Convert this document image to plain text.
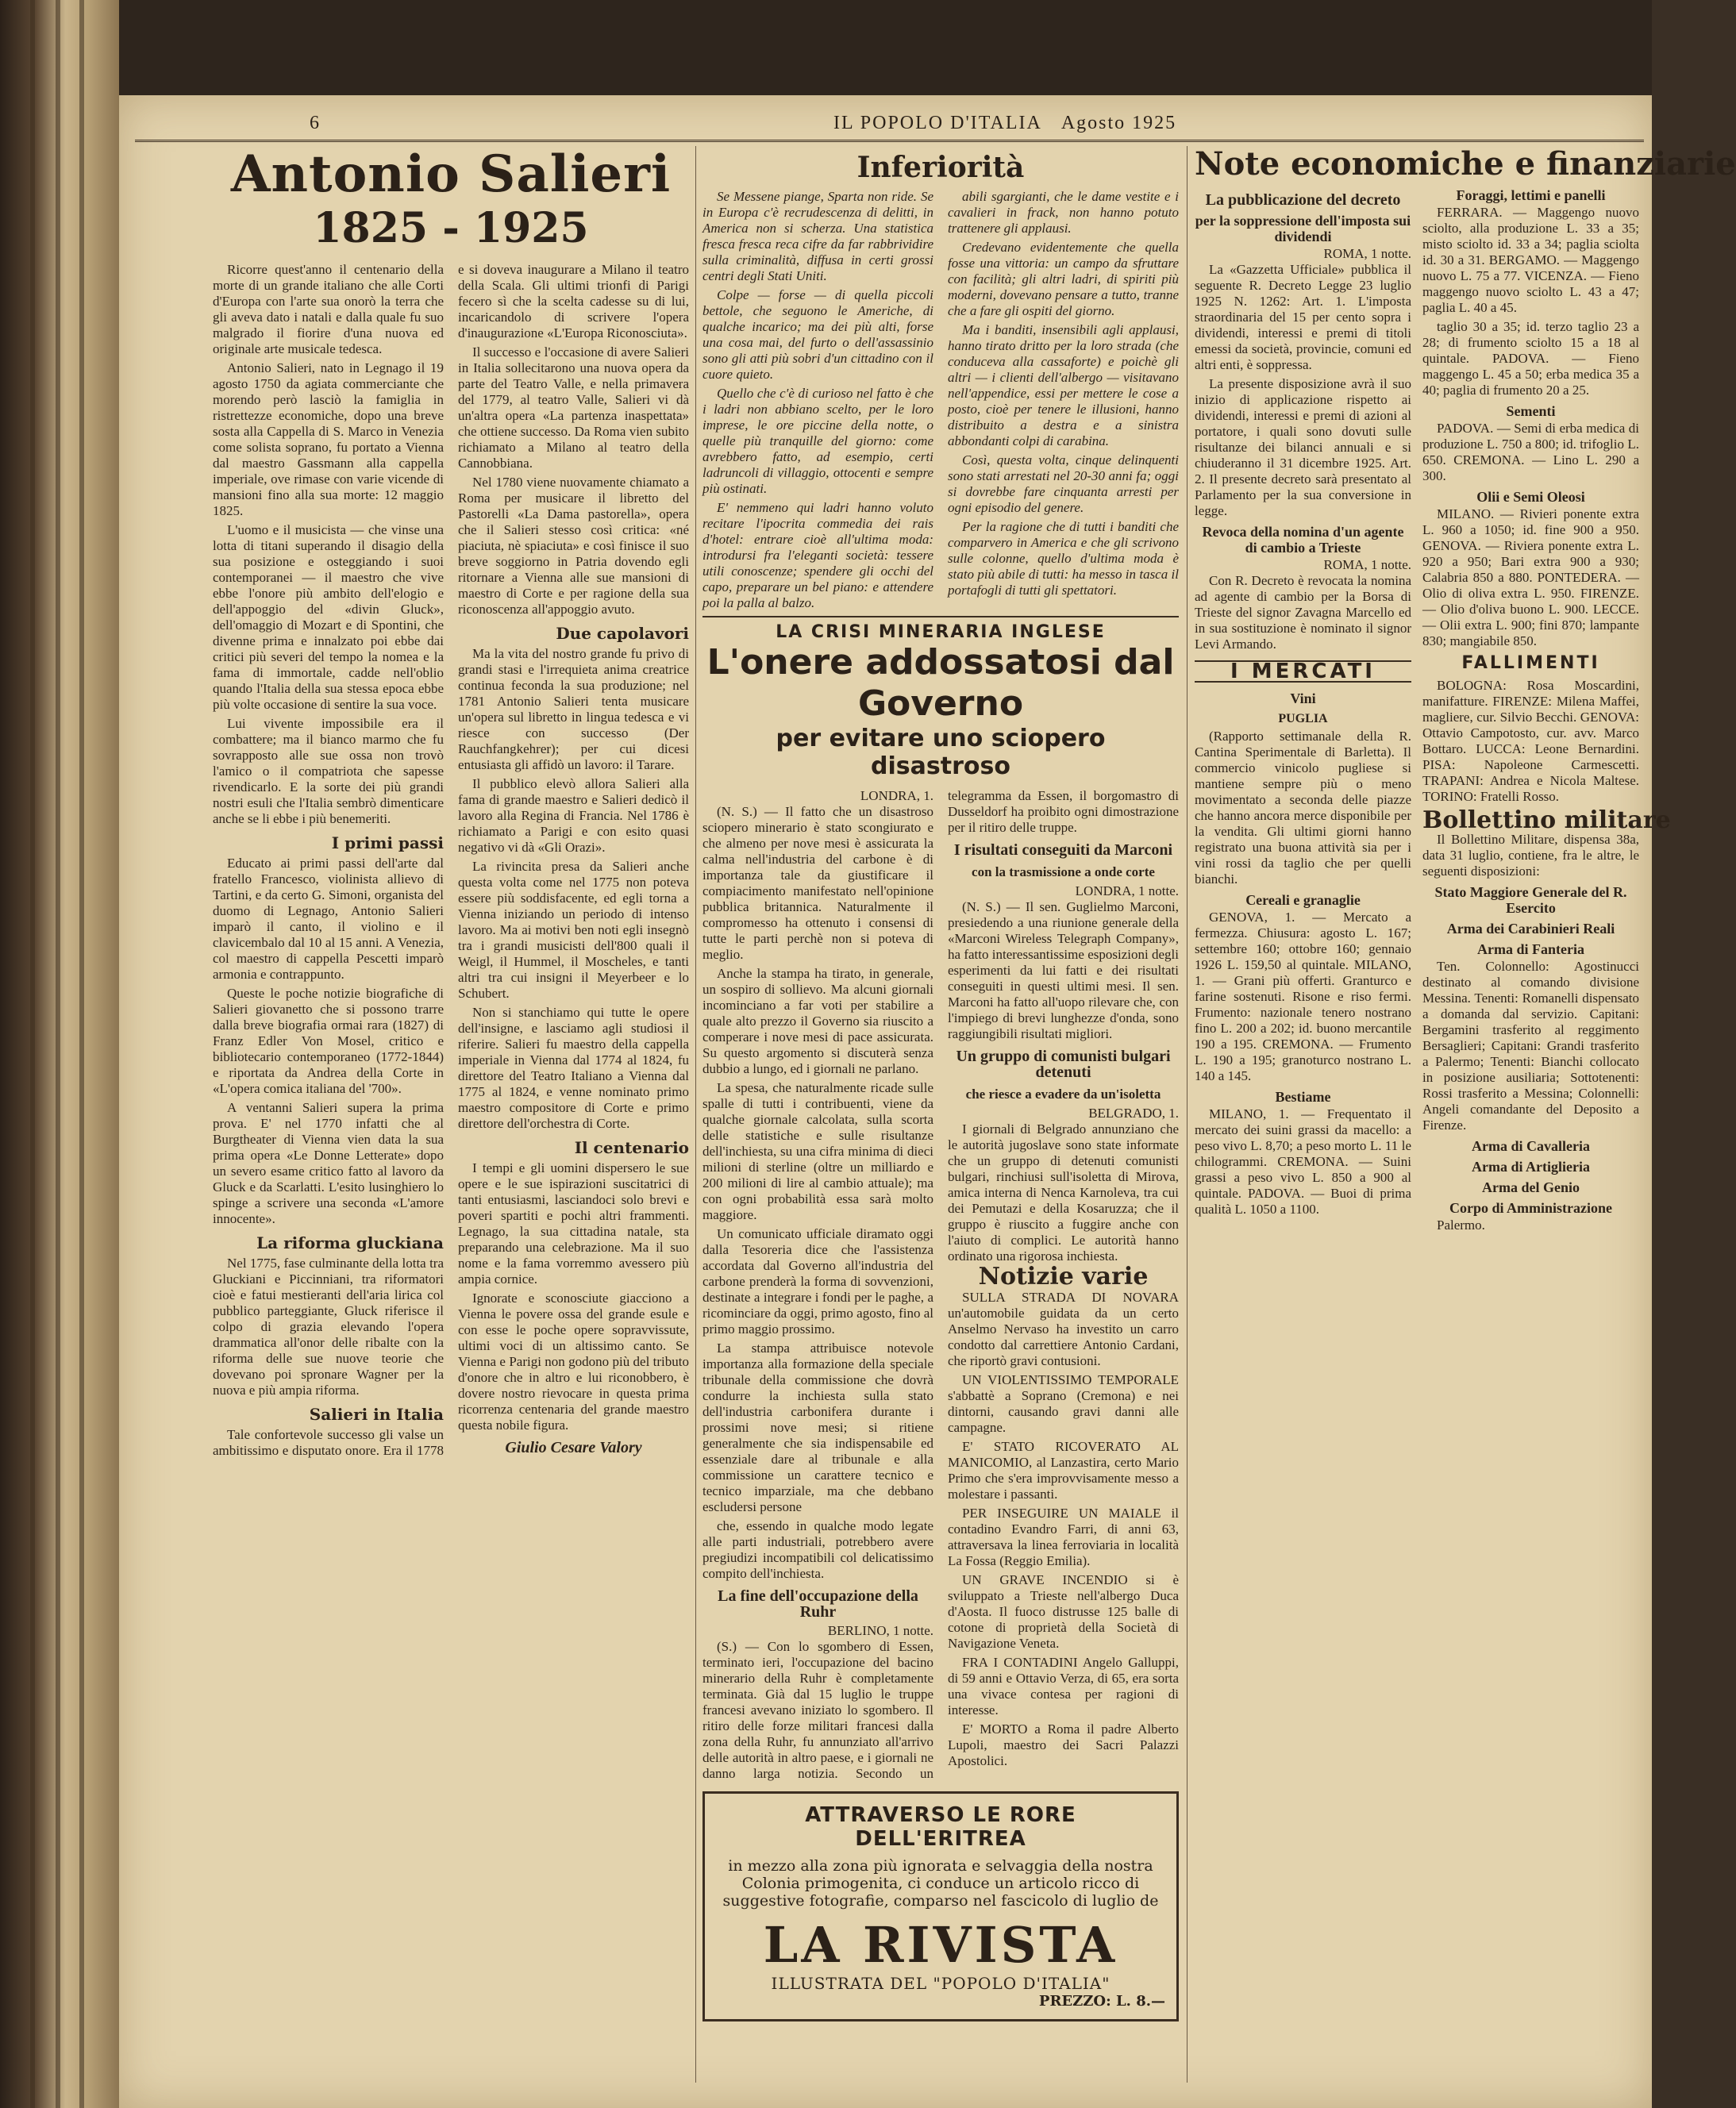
6	IL POPOLO D'ITALIA Agosto 1925
Antonio Salieri
1825 - 1925

Ricorre quest'anno il centenario della morte di un grande italiano che alle Corti d'Europa con l'arte sua onorò la terra che gli aveva dato i natali e dalla quale fu suo malgrado il fiorire d'una nuova ed originale arte musicale tedesca.

Antonio Salieri, nato in Legnago il 19 agosto 1750 da agiata commerciante che morendo però lasciò la famiglia in ristrettezze economiche, dopo una breve sosta alla Cappella di S. Marco in Venezia come solista soprano, fu portato a Vienna dal maestro Gassmann alla cappella imperiale, ove rimase con varie vicende di mansioni fino alla sua morte: 12 maggio 1825.

L'uomo e il musicista — che vinse una lotta di titani superando il disagio della sua posizione e osteggiando i suoi contemporanei — il maestro che vive ebbe l'onore più ambito dell'elogio e dell'appoggio del «divin Gluck», dell'omaggio di Mozart e di Spontini, che divenne prima e innalzato poi ebbe dai critici più severi del tempo la nomea e la fama di immortale, cadde nell'oblio quando l'Italia della sua stessa epoca ebbe più volte occasione di sentire la sua voce.

Lui vivente impossibile era il combattere; ma il bianco marmo che fu sovrapposto alle sue ossa non trovò l'amico o il compatriota che sapesse rivendicarlo. E la sorte dei più grandi nostri esuli che l'Italia sembrò dimenticare anche se li ebbe i più benemeriti.

I primi passi

Educato ai primi passi dell'arte dal fratello Francesco, violinista allievo di Tartini, e da certo G. Simoni, organista del duomo di Legnago, Antonio Salieri imparò il canto, il violino e il clavicembalo dal 10 al 15 anni. A Venezia, col maestro di cappella Pescetti imparò armonia e contrappunto.

Queste le poche notizie biografiche di Salieri giovanetto che si possono trarre dalla breve biografia ormai rara (1827) di Franz Edler Von Mosel, critico e bibliotecario contemporaneo (1772-1844) e riportata da Andrea della Corte in «L'opera comica italiana del '700».

A ventanni Salieri supera la prima prova. E' nel 1770 infatti che al Burgtheater di Vienna vien data la sua prima opera «Le Donne Letterate» dopo un severo esame critico fatto al lavoro da Gluck e da Scarlatti. L'esito lusinghiero lo spinge a scrivere una seconda «L'amore innocente».

La riforma gluckiana

Nel 1775, fase culminante della lotta tra Gluckiani e Piccinniani, tra riformatori cioè e fatui mestieranti dell'aria lirica col pubblico parteggiante, Gluck riferisce il colpo di grazia elevando l'opera drammatica all'onor delle ribalte con la riforma delle sue nuove teorie che dovevano poi spronare Wagner per la nuova e più ampia riforma.

Salieri in Italia

Tale confortevole successo gli valse un ambitissimo e disputato onore. Era il 1778 e si doveva inaugurare a Milano il teatro della Scala. Gli ultimi trionfi di Parigi fecero sì che la scelta cadesse su di lui, incaricandolo di scrivere l'opera d'inaugurazione «L'Europa Riconosciuta».

Il successo e l'occasione di avere Salieri in Italia sollecitarono una nuova opera da parte del Teatro Valle, e nella primavera del 1779, al teatro Valle, Salieri vi dà un'altra opera «La partenza inaspettata» che ottiene successo. Da Roma vien subito richiamato a Milano al teatro della Cannobbiana.

Nel 1780 viene nuovamente chiamato a Roma per musicare il libretto del Pastorelli «La Dama pastorella», opera che il Salieri stesso così critica: «né piaciuta, nè spiaciuta» e così finisce il suo breve soggiorno in Patria dovendo egli ritornare a Vienna alle sue mansioni di maestro di Corte e per ragione della sua riconoscenza all'appoggio avuto.

Due capolavori

Ma la vita del nostro grande fu privo di grandi stasi e l'irrequieta anima creatrice continua feconda la sua produzione; nel 1781 Antonio Salieri tenta musicare un'opera sul libretto in lingua tedesca e vi riesce con successo (Der Rauchfangkehrer); per cui dicesi entusiasta gli affidò un lavoro: il Tarare.

Il pubblico elevò allora Salieri alla fama di grande maestro e Salieri dedicò il lavoro alla Regina di Francia. Nel 1786 è richiamato a Parigi e con esito quasi negativo vi dà «Gli Orazi».

La rivincita presa da Salieri anche questa volta come nel 1775 non poteva essere più soddisfacente, ed egli torna a Vienna iniziando un periodo di intenso lavoro. Ma ai motivi ben noti egli insegnò tra i grandi musicisti dell'800 quali il Weigl, il Hummel, il Moscheles, e tanti altri tra cui insigni il Meyerbeer e lo Schubert.

Non si stanchiamo qui tutte le opere dell'insigne, e lasciamo agli studiosi il riferire. Salieri fu maestro della cappella imperiale in Vienna dal 1774 al 1824, fu direttore del Teatro Italiano a Vienna dal 1775 al 1824, e venne nominato primo maestro compositore di Corte e primo direttore dell'orchestra di Corte.

Il centenario

I tempi e gli uomini dispersero le sue opere e le sue ispirazioni suscitatrici di tanti entusiasmi, lasciandoci solo brevi e poveri spartiti e pochi altri frammenti. Legnago, la sua cittadina natale, sta preparando una celebrazione. Ma il suo nome e la fama vorremmo avessero più ampia cornice.

Ignorate e sconosciute giacciono a Vienna le povere ossa del grande esule e con esse le poche opere sopravvissute, ultimi voci di un altissimo canto. Se Vienna e Parigi non godono più del tributo d'onore che in altro e lui riconobbero, è dovere nostro rievocare in questa prima ricorrenza centenaria del grande maestro questa nobile figura.

Giulio Cesare Valory
Inferiorità

Se Messene piange, Sparta non ride. Se in Europa c'è recrudescenza di delitti, in America non si scherza. Una statistica fresca fresca reca cifre da far rabbrividire sulla criminalità, diffusa in certi grossi centri degli Stati Uniti.

Colpe — forse — di quella piccoli bettole, che seguono le Americhe, di qualche incarico; ma dei più alti, forse una cosa mai, del furto o dell'assassinio sono gli atti più sobri d'un cittadino con il cuore quieto.

Quello che c'è di curioso nel fatto è che i ladri non abbiano scelto, per le loro imprese, le ore piccine della notte, o quelle più tranquille del giorno: come avrebbero fatto, ad esempio, certi ladruncoli di villaggio, ottocenti e sempre più ostinati.

E' nemmeno qui ladri hanno voluto recitare l'ipocrita commedia dei rais d'hotel: entrare cioè all'ultima moda: introdursi fra l'eleganti società: tessere utili conoscenze; spendere gli occhi del capo, preparare un bel piano: e attendere poi la palla al balzo.

abili sgargianti, che le dame vestite e i cavalieri in frack, non hanno potuto trattenere gli applausi.

Credevano evidentemente che quella fosse una vittoria: un campo da sfruttare con facilità; gli altri ladri, di spiriti più moderni, dovevano pensare a tutto, tranne che a fare gli ospiti del giorno.

Ma i banditi, insensibili agli applausi, hanno tirato dritto per la loro strada (che conduceva alla cassaforte) e poichè gli altri — i clienti dell'albergo — visitavano nell'appendice, essi per mettere le cose a posto, cioè per tenere le illusioni, hanno distribuito a destra e a sinistra abbondanti colpi di carabina.

Così, questa volta, cinque delinquenti sono stati arrestati nel 20-30 anni fa; oggi si dovrebbe fare cinquanta arresti per ogni episodio del genere.

Per la ragione che di tutti i banditi che comparvero in America e che gli scrivono sulle colonne, quello d'ultima moda è stato più abile di tutti: ha messo in tasca il portafogli di tutti gli spettatori.

LA CRISI MINERARIA INGLESE
L'onere addossatosi dal Governo
per evitare uno sciopero disastroso
LONDRA, 1.

(N. S.) — Il fatto che un disastroso sciopero minerario è stato scongiurato e che almeno per nove mesi è assicurata la calma nell'industria del carbone è di importanza tale da giustificare il compiacimento manifestato nell'opinione pubblica britannica. Naturalmente il compromesso ha ottenuto i consensi di tutte le parti perchè non si poteva di meglio.

Anche la stampa ha tirato, in generale, un sospiro di sollievo. Ma alcuni giornali incominciano a far voti per stabilire a quale alto prezzo il Governo sia riuscito a comperare i nove mesi di pace assicurata. Su questo argomento si discuterà senza dubbio a lungo, ed i giornali ne parlano.

La spesa, che naturalmente ricade sulle spalle di tutti i contribuenti, viene da qualche giornale calcolata, sulla scorta delle statistiche e sulle risultanze dell'inchiesta, su una cifra minima di dieci milioni di sterline (oltre un milliardo e 200 milioni di lire al cambio attuale); ma con ogni probabilità essa sarà molto maggiore.

Un comunicato ufficiale diramato oggi dalla Tesoreria dice che l'assistenza accordata dal Governo all'industria del carbone prenderà la forma di sovvenzioni, destinate a integrare i fondi per le paghe, a ricominciare da oggi, primo agosto, fino al primo maggio prossimo.

La stampa attribuisce notevole importanza alla formazione della speciale tribunale della commissione che dovrà condurre la inchiesta sulla stato dell'industria carbonifera durante i prossimi nove mesi; si ritiene generalmente che sia indispensabile ed essenziale dare al tribunale e alla commissione un carattere tecnico e tecnico imparziale, ma che debbano escludersi persone

che, essendo in qualche modo legate alle parti industriali, potrebbero avere pregiudizi incompatibili col delicatissimo compito dell'inchiesta.

La fine dell'occupazione della Ruhr
BERLINO, 1 notte.

(S.) — Con lo sgombero di Essen, terminato ieri, l'occupazione del bacino minerario della Ruhr è completamente terminata. Già dal 15 luglio le truppe francesi avevano iniziato lo sgombero. Il ritiro delle forze militari francesi dalla zona della Ruhr, fu annunziato all'arrivo delle autorità in altro paese, e i giornali ne danno larga notizia. Secondo un telegramma da Essen, il borgomastro di Dusseldorf ha proibito ogni dimostrazione per il ritiro delle truppe.

I risultati conseguiti da Marconi
con la trasmissione a onde corte
LONDRA, 1 notte.

(N. S.) — Il sen. Guglielmo Marconi, presiedendo a una riunione generale della «Marconi Wireless Telegraph Company», ha fatto interessantissime esposizioni degli esperimenti da lui fatti e dei risultati conseguiti in questi ultimi mesi. Il sen. Marconi ha fatto all'uopo rilevare che, con l'impiego di brevi lunghezze d'onda, sono raggiungibili risultati migliori.

Un gruppo di comunisti bulgari detenuti
che riesce a evadere da un'isoletta
BELGRADO, 1.

I giornali di Belgrado annunziano che le autorità jugoslave sono state informate che un gruppo di detenuti comunisti bulgari, rinchiusi sull'isoletta di Mirova, amica interna di Nenca Karnoleva, tra cui dei Pemutazi e della Kosaruzza; che il gruppo è riuscito a fuggire anche con l'aiuto di complici. Le autorità hanno ordinato una rigorosa inchiesta.

Notizie varie

SULLA STRADA DI NOVARA un'automobile guidata da un certo Anselmo Nervaso ha investito un carro condotto dal carrettiere Antonio Cardani, che riportò gravi contusioni.

UN VIOLENTISSIMO TEMPORALE s'abbattè a Soprano (Cremona) e nei dintorni, causando gravi danni alle campagne.

E' STATO RICOVERATO AL MANICOMIO, al Lanzastira, certo Mario Primo che s'era improvvisamente messo a molestare i passanti.

PER INSEGUIRE UN MAIALE il contadino Evandro Farri, di anni 63, attraversava la linea ferroviaria in località La Fossa (Reggio Emilia).

UN GRAVE INCENDIO si è sviluppato a Trieste nell'albergo Duca d'Aosta. Il fuoco distrusse 125 balle di cotone di proprietà della Società di Navigazione Veneta.

FRA I CONTADINI Angelo Galluppi, di 59 anni e Ottavio Verza, di 65, era sorta una vivace contesa per ragioni di interesse.

E' MORTO a Roma il padre Alberto Lupoli, maestro dei Sacri Palazzi Apostolici.

ATTRAVERSO LE RORE DELL'ERITREA
in mezzo alla zona più ignorata e selvaggia della nostra Colonia primogenita, ci conduce un articolo ricco di suggestive fotografie, comparso nel fascicolo di luglio de
LA RIVISTA
ILLUSTRATA DEL "POPOLO D'ITALIA"
PREZZO: L. 8.—
Note economiche e finanziarie
La pubblicazione del decreto
per la soppressione dell'imposta sui dividendi
ROMA, 1 notte.

La «Gazzetta Ufficiale» pubblica il seguente R. Decreto Legge 23 luglio 1925 N. 1262: Art. 1. L'imposta straordinaria del 15 per cento sopra i dividendi, interessi e premi di titoli emessi da società, provincie, comuni ed altri enti, è soppressa.

La presente disposizione avrà il suo inizio di applicazione rispetto ai dividendi, interessi e premi di azioni al portatore, i quali sono dovuti sulle risultanze dei bilanci annuali e si chiuderanno il 31 dicembre 1925. Art. 2. Il presente decreto sarà presentato al Parlamento per la sua conversione in legge.

Revoca della nomina d'un agente di cambio a Trieste
ROMA, 1 notte.

Con R. Decreto è revocata la nomina ad agente di cambio per la Borsa di Trieste del signor Zavagna Marcello ed in sua sostituzione è nominato il signor Levi Armando.

I MERCATI
Vini
PUGLIA

(Rapporto settimanale della R. Cantina Sperimentale di Barletta). Il commercio vinicolo pugliese si mantiene sempre più o meno movimentato a seconda delle piazze che hanno ancora merce disponibile per la vendita. Gli ultimi giorni hanno registrato una buona attività sia per i vini rossi da taglio che per quelli bianchi.

Cereali e granaglie

GENOVA, 1. — Mercato a fermezza. Chiusura: agosto L. 167; settembre 160; ottobre 160; gennaio 1926 L. 159,50 al quintale. MILANO, 1. — Grani più offerti. Granturco e farine sostenuti. Risone e riso fermi. Frumento: nazionale tenero nostrano fino L. 200 a 202; id. buono mercantile 190 a 195. CREMONA. — Frumento L. 190 a 195; granoturco nostrano L. 140 a 145.

Bestiame

MILANO, 1. — Frequentato il mercato dei suini grassi da macello: a peso vivo L. 8,70; a peso morto L. 11 le chilogrammi. CREMONA. — Suini grassi a peso vivo L. 850 a 900 al quintale. PADOVA. — Buoi di prima qualità L. 1050 a 1100.

Foraggi, lettimi e panelli

FERRARA. — Maggengo nuovo sciolto, alla produzione L. 33 a 35; misto sciolto id. 33 a 34; paglia sciolta id. 30 a 31. BERGAMO. — Maggengo nuovo L. 75 a 77. VICENZA. — Fieno maggengo nuovo sciolto L. 43 a 47; paglia L. 40 a 45.

taglio 30 a 35; id. terzo taglio 23 a 28; di frumento sciolto 15 a 18 al quintale. PADOVA. — Fieno maggengo L. 45 a 50; erba medica 35 a 40; paglia di frumento 20 a 25.

Sementi

PADOVA. — Semi di erba medica di produzione L. 750 a 800; id. trifoglio L. 650. CREMONA. — Lino L. 290 a 300.

Olii e Semi Oleosi

MILANO. — Rivieri ponente extra L. 960 a 1050; id. fine 900 a 950. GENOVA. — Riviera ponente extra L. 920 a 950; Bari extra 900 a 930; Calabria 850 a 880. PONTEDERA. — Olio di oliva extra L. 950. FIRENZE. — Olio d'oliva buono L. 900. LECCE. — Olii extra L. 900; fini 870; lampante 830; mangiabile 850.

FALLIMENTI

BOLOGNA: Rosa Moscardini, manifatture. FIRENZE: Milena Maffei, magliere, cur. Silvio Becchi. GENOVA: Ottavio Campotosto, cur. avv. Marco Bottaro. LUCCA: Leone Bernardini. PISA: Napoleone Carmescetti. TRAPANI: Andrea e Nicola Maltese. TORINO: Fratelli Rosso.

Bollettino militare

Il Bollettino Militare, dispensa 38a, data 31 luglio, contiene, fra le altre, le seguenti disposizioni:

Stato Maggiore Generale del R. Esercito
Arma dei Carabinieri Reali
Arma di Fanteria

Ten. Colonnello: Agostinucci destinato al comando divisione Messina. Tenenti: Romanelli dispensato a domanda dal servizio. Capitani: Bergamini trasferito al reggimento Bersaglieri; Capitani: Grandi trasferito a Palermo; Tenenti: Bianchi collocato in posizione ausiliaria; Sottotenenti: Rossi trasferito a Messina; Colonnelli: Angeli comandante del Deposito a Firenze.

Arma di Cavalleria
Arma di Artiglieria
Arma del Genio
Corpo di Amministrazione

Palermo.
